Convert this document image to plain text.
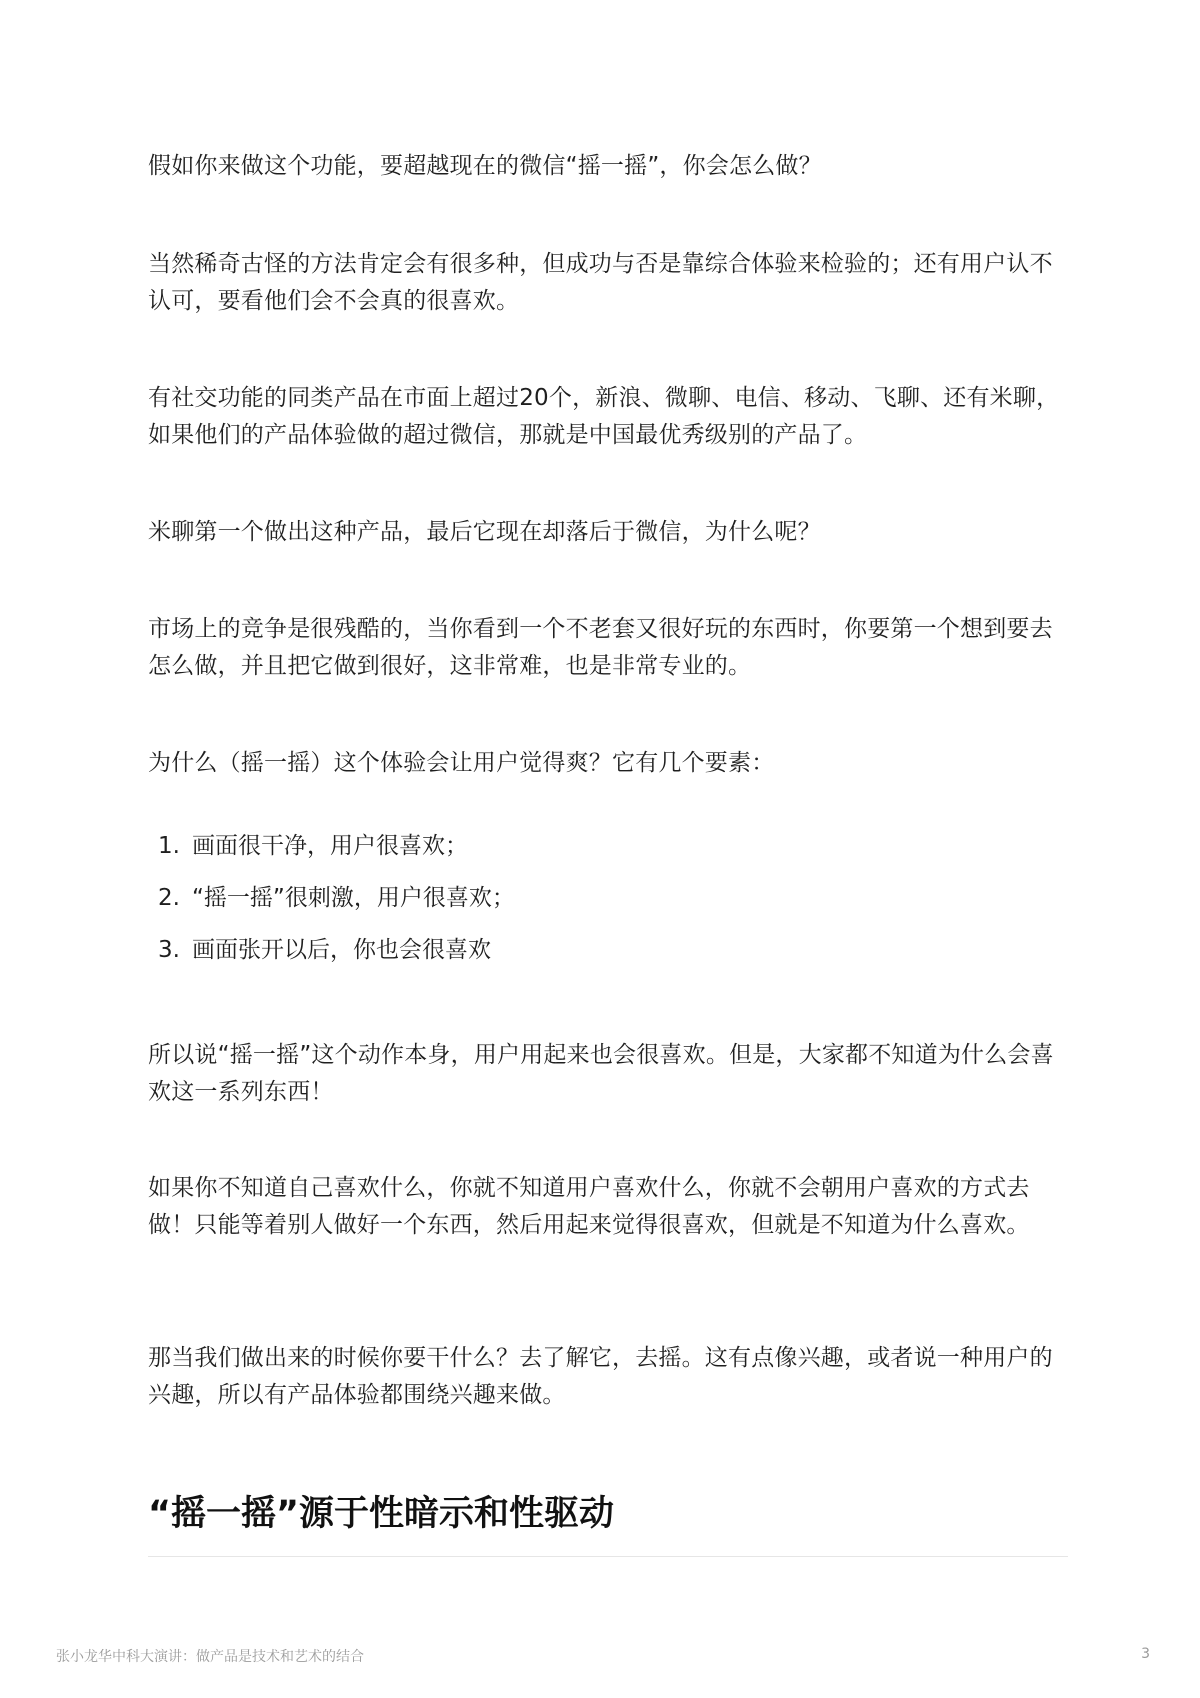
假如你来做这个功能，要超越现在的微信“摇一摇”，你会怎么做？

当然稀奇古怪的方法肯定会有很多种，但成功与否是靠综合体验来检验的；还有用户认不认可，要看他们会不会真的很喜欢。

有社交功能的同类产品在市面上超过20个，新浪、微聊、电信、移动、飞聊、还有米聊，如果他们的产品体验做的超过微信，那就是中国最优秀级别的产品了。

米聊第一个做出这种产品，最后它现在却落后于微信，为什么呢？

市场上的竞争是很残酷的，当你看到一个不老套又很好玩的东西时，你要第一个想到要去怎么做，并且把它做到很好，这非常难，也是非常专业的。

为什么（摇一摇）这个体验会让用户觉得爽？它有几个要素：

1. 画面很干净，用户很喜欢；
2. “摇一摇”很刺激，用户很喜欢；
3. 画面张开以后，你也会很喜欢

所以说“摇一摇”这个动作本身，用户用起来也会很喜欢。但是，大家都不知道为什么会喜欢这一系列东西！

如果你不知道自己喜欢什么，你就不知道用户喜欢什么，你就不会朝用户喜欢的方式去做！只能等着别人做好一个东西，然后用起来觉得很喜欢，但就是不知道为什么喜欢。

那当我们做出来的时候你要干什么？去了解它，去摇。这有点像兴趣，或者说一种用户的兴趣，所以有产品体验都围绕兴趣来做。

“摇一摇”源于性暗示和性驱动
张小龙华中科大演讲：做产品是技术和艺术的结合	3
